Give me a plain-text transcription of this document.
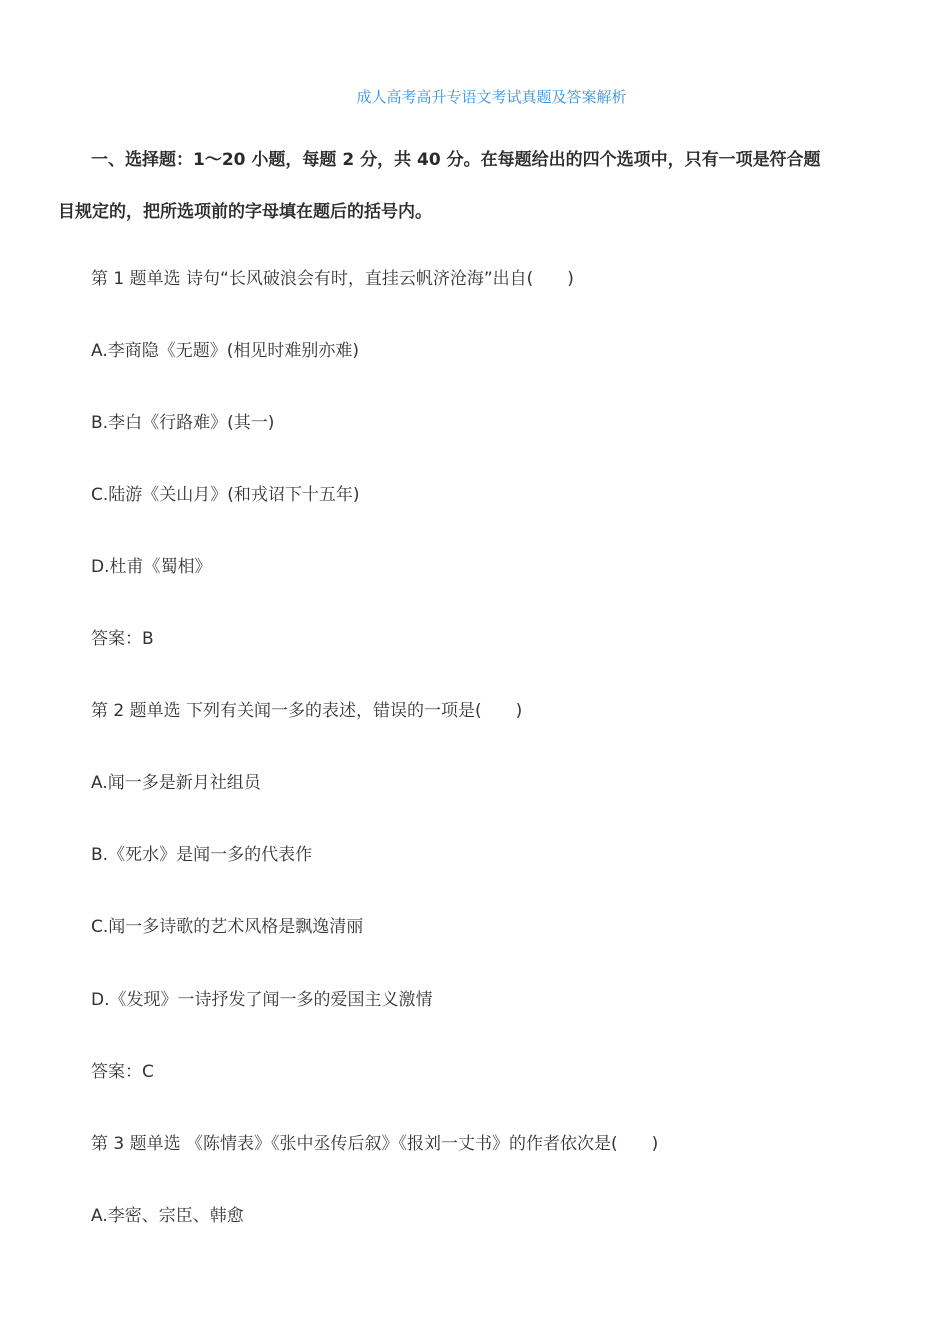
成人高考高升专语文考试真题及答案解析
一、选择题：1～20 小题，每题 2 分，共 40 分。在每题给出的四个选项中，只有一项是符合题
目规定的，把所选项前的字母填在题后的括号内。
第 1 题单选 诗句“长风破浪会有时，直挂云帆济沧海”出自(　　)
A.李商隐《无题》(相见时难别亦难)
B.李白《行路难》(其一)
C.陆游《关山月》(和戎诏下十五年)
D.杜甫《蜀相》
答案：B
第 2 题单选 下列有关闻一多的表述，错误的一项是(　　)
A.闻一多是新月社组员
B.《死水》是闻一多的代表作
C.闻一多诗歌的艺术风格是飘逸清丽
D.《发现》一诗抒发了闻一多的爱国主义激情
答案：C
第 3 题单选 《陈情表》《张中丞传后叙》《报刘一丈书》的作者依次是(　　)
A.李密、宗臣、韩愈
